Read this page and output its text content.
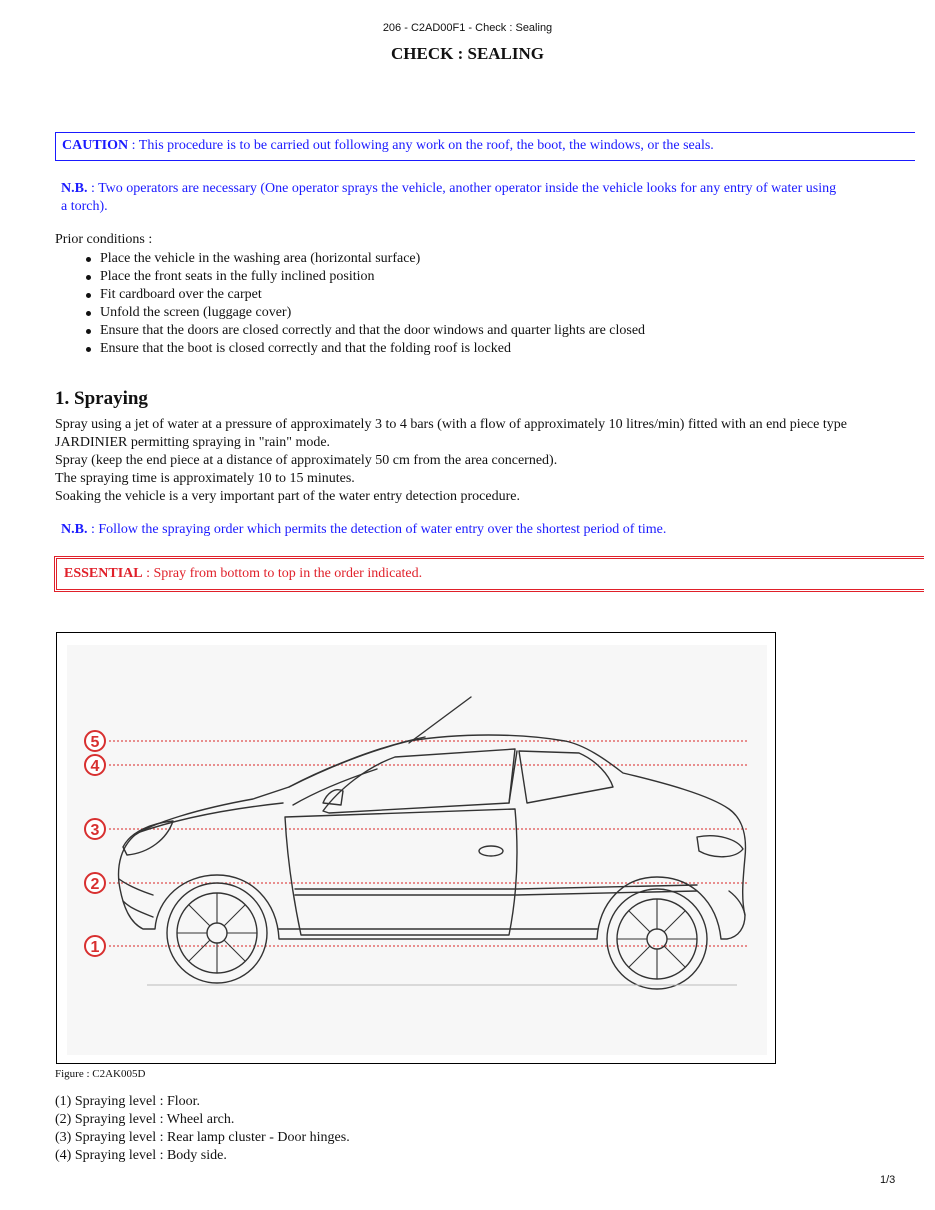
206 - C2AD00F1 - Check : Sealing
CHECK : SEALING
CAUTION : This procedure is to be carried out following any work on the roof, the boot, the windows, or the seals.
N.B. : Two operators are necessary (One operator sprays the vehicle, another operator inside the vehicle looks for any entry of water using
a torch).
Prior conditions :
Place the vehicle in the washing area (horizontal surface)
Place the front seats in the fully inclined position
Fit cardboard over the carpet
Unfold the screen (luggage cover)
Ensure that the doors are closed correctly and that the door windows and quarter lights are closed
Ensure that the boot is closed correctly and that the folding roof is locked
1. Spraying

Spray using a jet of water at a pressure of approximately 3 to 4 bars (with a flow of approximately 10 litres/min) fitted with an end piece type JARDINIER permitting spraying in "rain" mode.

Spray (keep the end piece at a distance of approximately 50 cm from the area concerned).

The spraying time is approximately 10 to 15 minutes.

Soaking the vehicle is a very important part of the water entry detection procedure.

N.B. : Follow the spraying order which permits the detection of water entry over the shortest period of time.
ESSENTIAL : Spray from bottom to top in the order indicated.
5
4
3
2
1
Figure : C2AK005D
(1) Spraying level : Floor.
(2) Spraying level : Wheel arch.
(3) Spraying level : Rear lamp cluster - Door hinges.
(4) Spraying level : Body side.
1/3
